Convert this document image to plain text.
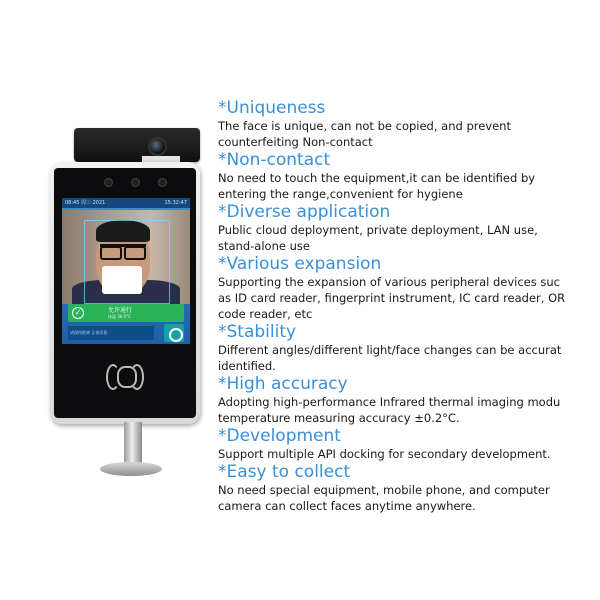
08:45 周三 2021	15:32:47
✓	允许通行
体温 36.5°C
请保持距离 正视屏幕
*Uniqueness

The face is unique, can not be copied, and prevent

counterfeiting Non-contact

*Non-contact

No need to touch the equipment,it can be identified by

entering the range,convenient for hygiene

*Diverse application

Public cloud deployment, private deployment, LAN use,

stand-alone use

*Various expansion

Supporting the expansion of various peripheral devices suc

as ID card reader, fingerprint instrument, IC card reader, OR

code reader, etc

*Stability

Different angles/different light/face changes can be accurat

identified.

*High accuracy

Adopting high-performance Infrared thermal imaging modu

temperature measuring accuracy ±0.2°C.

*Development

Support multiple API docking for secondary development.

*Easy to collect

No need special equipment, mobile phone, and computer

camera can collect faces anytime anywhere.
